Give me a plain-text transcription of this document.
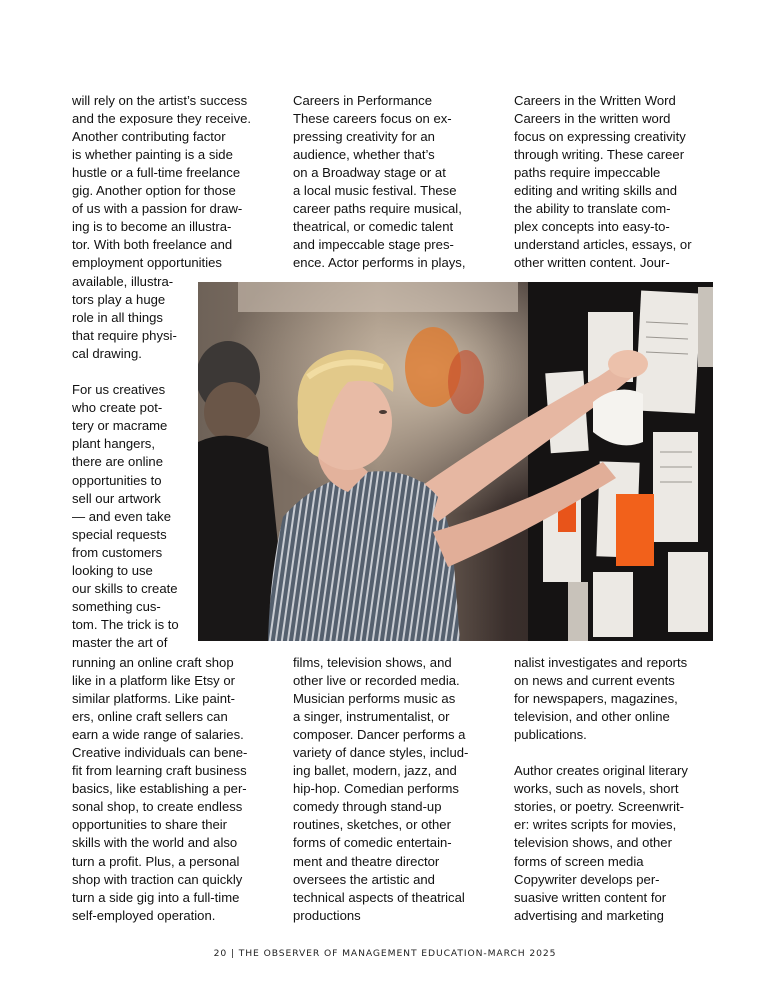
will rely on the artist’s success
and the exposure they receive.
Another contributing factor
is whether painting is a side
hustle or a full-time freelance
gig. Another option for those
of us with a passion for draw-
ing is to become an illustra-
tor. With both freelance and
employment opportunities
available, illustra-
tors play a huge
role in all things
that require physi-
cal drawing.

For us creatives
who create pot-
tery or macrame
plant hangers,
there are online
opportunities to
sell our artwork
— and even take
special requests
from customers
looking to use
our skills to create
something cus-
tom. The trick is to
master the art of
running an online craft shop
like in a platform like Etsy or
similar platforms. Like paint-
ers, online craft sellers can
earn a wide range of salaries.
Creative individuals can bene-
fit from learning craft business
basics, like establishing a per-
sonal shop, to create endless
opportunities to share their
skills with the world and also
turn a profit. Plus, a personal
shop with traction can quickly
turn a side gig into a full-time
self-employed operation.
Careers in Performance
These careers focus on ex-
pressing creativity for an
audience, whether that’s
on a Broadway stage or at
a local music festival. These
career paths require musical,
theatrical, or comedic talent
and impeccable stage pres-
ence. Actor performs in plays,
films, television shows, and
other live or recorded media.
Musician performs music as
a singer, instrumentalist, or
composer. Dancer performs a
variety of dance styles, includ-
ing ballet, modern, jazz, and
hip-hop. Comedian performs
comedy through stand-up
routines, sketches, or other
forms of comedic entertain-
ment and theatre director
oversees the artistic and
technical aspects of theatrical
productions
Careers in the Written Word
Careers in the written word
focus on expressing creativity
through writing. These career
paths require impeccable
editing and writing skills and
the ability to translate com-
plex concepts into easy-to-
understand articles, essays, or
other written content. Jour-
nalist investigates and reports
on news and current events
for newspapers, magazines,
television, and other online
publications.

Author creates original literary
works, such as novels, short
stories, or poetry. Screenwrit-
er: writes scripts for movies,
television shows, and other
forms of screen media
Copywriter develops per-
suasive written content for
advertising and marketing
20 | THE OBSERVER OF MANAGEMENT EDUCATION-MARCH 2025
